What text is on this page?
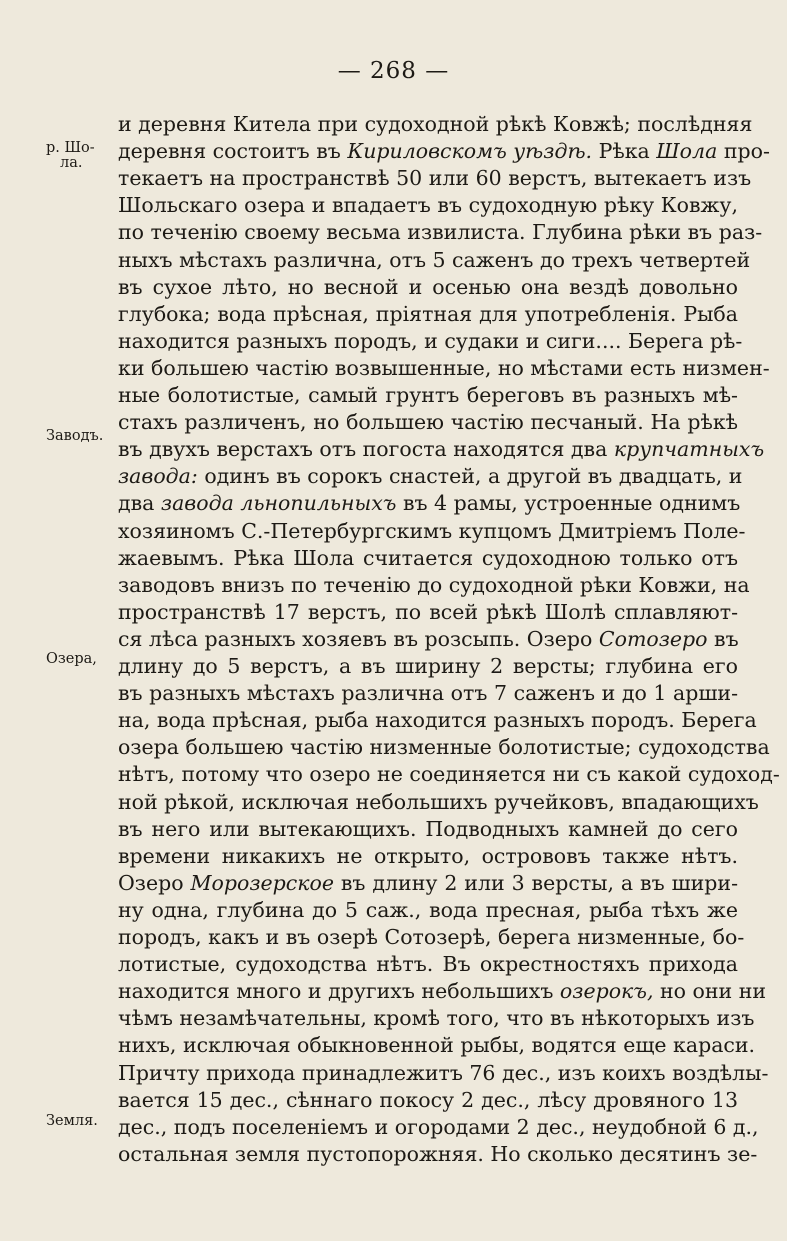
— 268 —
р. Шо-
ла.
Заводъ.
Озера,
Земля.
и деревня Кителa при судоходной рѣкѣ Ковжѣ; послѣдняя
деревня состоитъ въ Кириловскомъ уѣздѣ. Рѣка Шола про-
текаетъ на пространствѣ 50 или 60 верстъ, вытекаетъ изъ
Шольскаго озера и впадаетъ въ судоходную рѣку Ковжу,
по теченію своему весьма извилиста. Глубина рѣки въ раз-
ныхъ мѣстахъ различна, отъ 5 саженъ до трехъ четвертей
въ сухое лѣто, но весной и осенью она вездѣ довольно
глубока; вода прѣсная, пріятная для употребленія. Рыба
находится разныхъ породъ, и судаки и сиги.... Берега рѣ-
ки большею частію возвышенные, но мѣстами есть низмен-
ные болотистые, самый грунтъ береговъ въ разныхъ мѣ-
стахъ различенъ, но большею частію песчаный. На рѣкѣ
въ двухъ верстахъ отъ погоста находятся два крупчатныхъ
завода: одинъ въ сорокъ снастей, а другой въ двадцать, и
два завода льнопильныхъ въ 4 рамы, устроенные однимъ
хозяиномъ С.-Петербургскимъ купцомъ Дмитріемъ Поле-
жаевымъ. Рѣка Шола считается судоходною только отъ
заводовъ внизъ по теченію до судоходной рѣки Ковжи, на
пространствѣ 17 верстъ, по всей рѣкѣ Шолѣ сплавляют-
ся лѣса разныхъ хозяевъ въ розсыпь. Озеро Сотозеро въ
длину до 5 верстъ, а въ ширину 2 версты; глубина его
въ разныхъ мѣстахъ различна отъ 7 саженъ и до 1 арши-
на, вода прѣсная, рыба находится разныхъ породъ. Берега
озера большею частію низменные болотистые; судоходства
нѣтъ, потому что озеро не соединяется ни съ какой судоход-
ной рѣкой, исключая небольшихъ ручейковъ, впадающихъ
въ него или вытекающихъ. Подводныхъ камней до сего
времени никакихъ не открыто, острововъ также нѣтъ.
Озеро Морозерское въ длину 2 или 3 версты, а въ шири-
ну одна, глубина до 5 саж., вода пресная, рыба тѣхъ же
породъ, какъ и въ озерѣ Сотозерѣ, берега низменные, бо-
лотистые, судоходства нѣтъ. Въ окрестностяхъ прихода
находится много и другихъ небольшихъ озерокъ, но они ни
чѣмъ незамѣчательны, кромѣ того, что въ нѣкоторыхъ изъ
нихъ, исключая обыкновенной рыбы, водятся еще караси.
Причту прихода принадлежитъ 76 дес., изъ коихъ воздѣлы-
вается 15 дес., сѣннаго покосу 2 дес., лѣсу дровяного 13
дес., подъ поселеніемъ и огородами 2 дес., неудобной 6 д.,
остальная земля пустопорожняя. Но сколько десятинъ зе-
